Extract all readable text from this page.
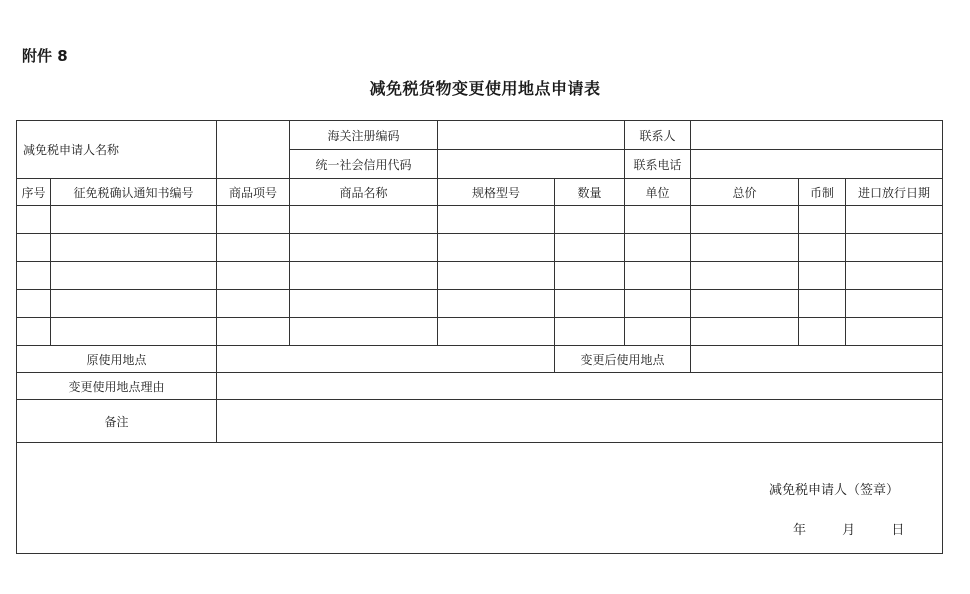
附件 8
减免税货物变更使用地点申请表
减免税申请人名称			海关注册编码			联系人			
			统一社会信用代码			联系电话			
序号	征免税确认通知书编号	商品项号	商品名称	规格型号	数量	单位	总价	币制	进口放行日期

原使用地点					变更后使用地点				
变更使用地点理由									
备注									

减免税申请人（签章）
年 月 日									
